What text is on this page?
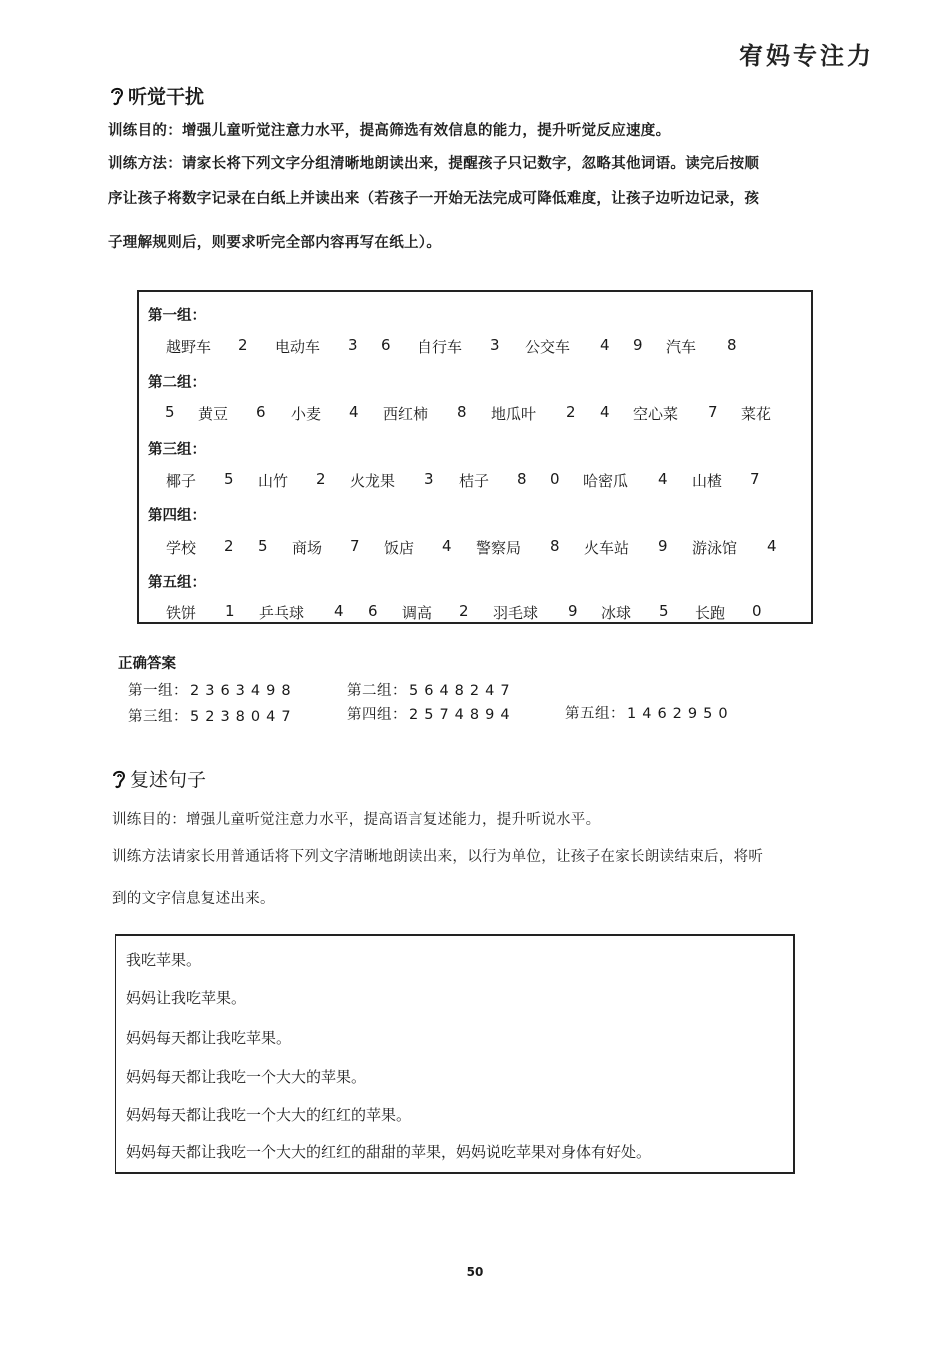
宥妈专注力
听觉干扰
训练目的：增强儿童听觉注意力水平，提高筛选有效信息的能力，提升听觉反应速度。
训练方法：请家长将下列文字分组清晰地朗读出来，提醒孩子只记数字，忽略其他词语。读完后按顺
序让孩子将数字记录在白纸上并读出来（若孩子一开始无法完成可降低难度，让孩子边听边记录，孩
子理解规则后，则要求听完全部内容再写在纸上）。
第一组：
越野车 2 电动车 3 6 自行车 3 公交车 4 9 汽车 8
第二组：
5 黄豆 6 小麦 4 西红柿 8 地瓜叶 2 4 空心菜 7 菜花
第三组：
椰子 5 山竹 2 火龙果 3 桔子 8 0 哈密瓜 4 山楂 7
第四组：
学校 2 5 商场 7 饭店 4 警察局 8 火车站 9 游泳馆 4
第五组：
铁饼 1 乒乓球 4 6 调高 2 羽毛球 9 冰球 5 长跑 0
正确答案
第一组： 2363498	第二组： 5648247
第三组： 5238047	第四组： 2574894	第五组： 1462950
复述句子
训练目的：增强儿童听觉注意力水平，提高语言复述能力，提升听说水平。
训练方法请家长用普通话将下列文字清晰地朗读出来，以行为单位，让孩子在家长朗读结束后，将听
到的文字信息复述出来。
我吃苹果。
妈妈让我吃苹果。
妈妈每天都让我吃苹果。
妈妈每天都让我吃一个大大的苹果。
妈妈每天都让我吃一个大大的红红的苹果。
妈妈每天都让我吃一个大大的红红的甜甜的苹果，妈妈说吃苹果对身体有好处。
50
